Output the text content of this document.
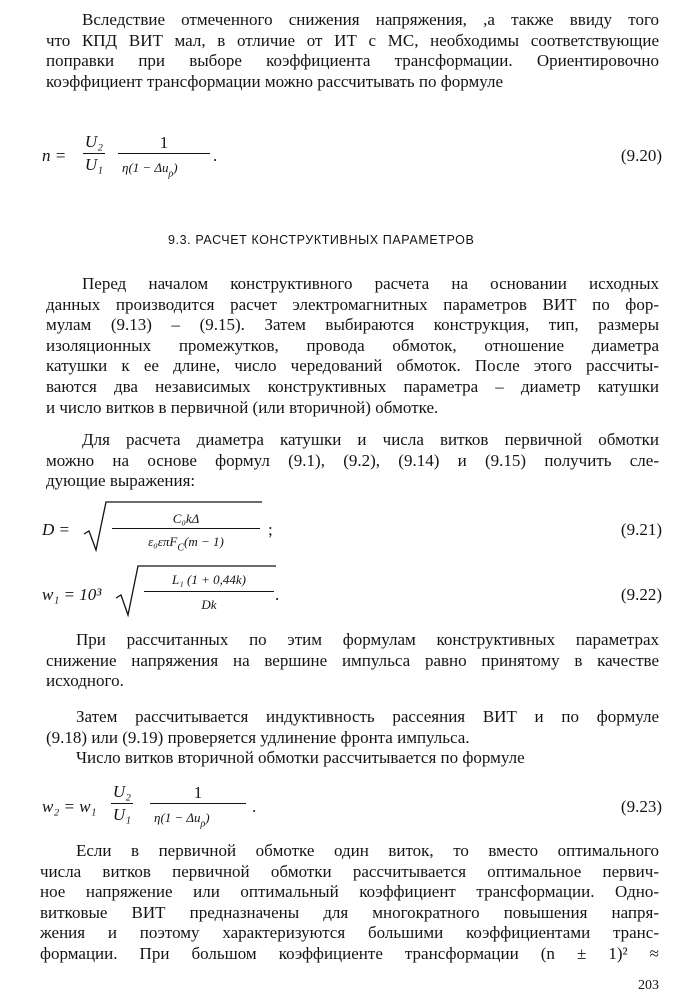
Вследствие отмеченного снижения напряжения, ,а также ввиду того
что КПД ВИТ мал, в отличие от ИТ с МС, необходимы соответствующие
поправки при выборе коэффициента трансформации. Ориентировочно
коэффициент трансформации можно рассчитывать по формуле
n =
U₂
U₁
1
$\eta(1 - \Delta u_\rho)$
.	(9.20)
9.3. РАСЧЕТ КОНСТРУКТИВНЫХ ПАРАМЕТРОВ
Перед началом конструктивного расчета на основании исходных
данных производится расчет электромагнитных параметров ВИТ по фор-
мулам (9.13) – (9.15). Затем выбираются конструкция, тип, размеры
изоляционных промежутков, провода обмоток, отношение диаметра
катушки к ее длине, число чередований обмоток. После этого рассчиты-
ваются два независимых конструктивных параметра – диаметр катушки
и число витков в первичной (или вторичной) обмотке.
Для расчета диаметра катушки и числа витков первичной обмотки
можно на основе формул (9.1), (9.2), (9.14) и (9.15) получить сле-
дующие выражения:
D =
C₀kΔ
ε₀επF$_C$(m − 1)
;	(9.21)
w₁ = 10³
L₁ (1 + 0,44k)
Dk
.	(9.22)
При рассчитанных по этим формулам конструктивных параметрах
снижение напряжения на вершине импульса равно принятому в качестве
исходного.
Затем рассчитывается индуктивность рассеяния ВИТ и по формуле
(9.18) или (9.19) проверяется удлинение фронта импульса.
Число витков вторичной обмотки рассчитывается по формуле
w₂ = w₁
U₂
U₁
1
$\eta(1 - \Delta u_\rho)$
.	(9.23)
Если в первичной обмотке один виток, то вместо оптимального
числа витков первичной обмотки рассчитывается оптимальное первич-
ное напряжение или оптимальный коэффициент трансформации. Одно-
витковые ВИТ предназначены для многократного повышения напря-
жения и поэтому характеризуются большими коэффициентами транс-
формации. При большом коэффициенте трансформации (n ± 1)² ≈
203
